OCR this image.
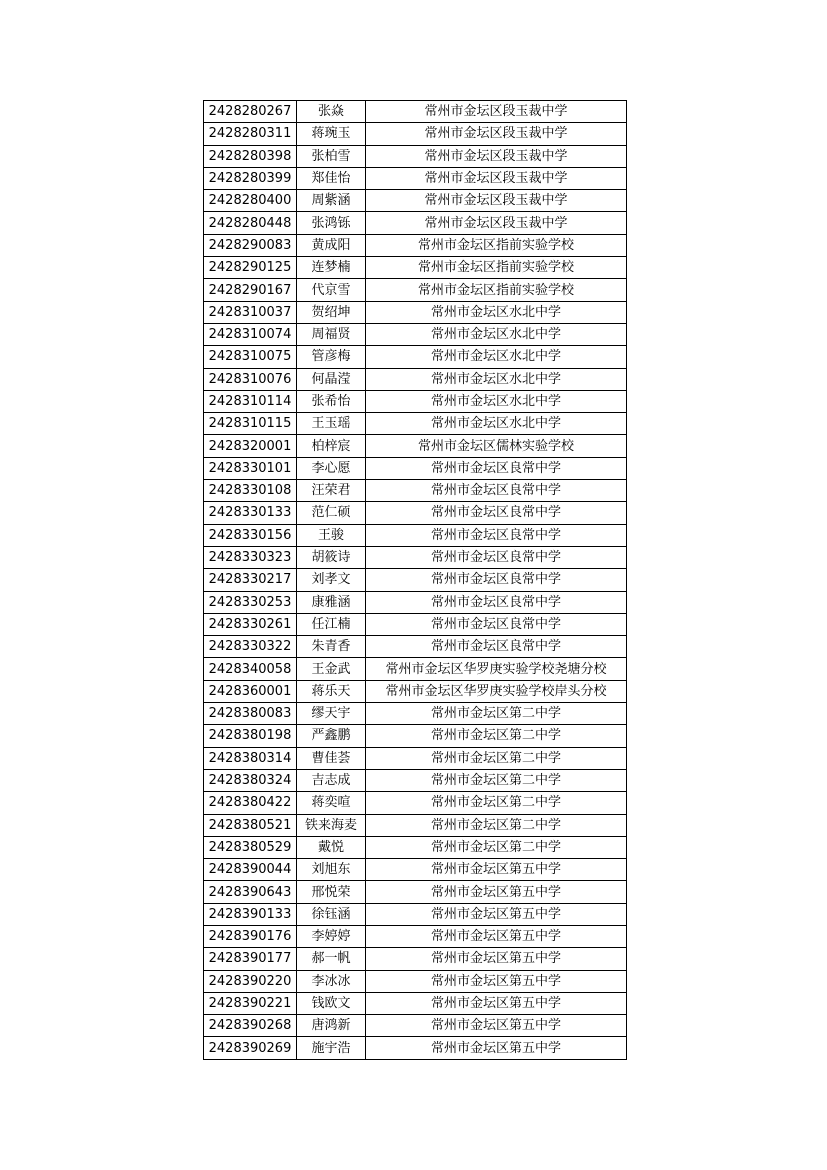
2428280267	张焱	常州市金坛区段玉裁中学
2428280311	蒋琬玉	常州市金坛区段玉裁中学
2428280398	张柏雪	常州市金坛区段玉裁中学
2428280399	郑佳怡	常州市金坛区段玉裁中学
2428280400	周紫涵	常州市金坛区段玉裁中学
2428280448	张鸿铄	常州市金坛区段玉裁中学
2428290083	黄成阳	常州市金坛区指前实验学校
2428290125	连梦楠	常州市金坛区指前实验学校
2428290167	代京雪	常州市金坛区指前实验学校
2428310037	贺绍坤	常州市金坛区水北中学
2428310074	周福贤	常州市金坛区水北中学
2428310075	管彦梅	常州市金坛区水北中学
2428310076	何晶滢	常州市金坛区水北中学
2428310114	张希怡	常州市金坛区水北中学
2428310115	王玉瑶	常州市金坛区水北中学
2428320001	柏梓宸	常州市金坛区儒林实验学校
2428330101	李心愿	常州市金坛区良常中学
2428330108	汪荣君	常州市金坛区良常中学
2428330133	范仁硕	常州市金坛区良常中学
2428330156	王骏	常州市金坛区良常中学
2428330323	胡筱诗	常州市金坛区良常中学
2428330217	刘孝文	常州市金坛区良常中学
2428330253	康雅涵	常州市金坛区良常中学
2428330261	任江楠	常州市金坛区良常中学
2428330322	朱青香	常州市金坛区良常中学
2428340058	王金武	常州市金坛区华罗庚实验学校尧塘分校
2428360001	蒋乐天	常州市金坛区华罗庚实验学校岸头分校
2428380083	缪天宇	常州市金坛区第二中学
2428380198	严鑫鹏	常州市金坛区第二中学
2428380314	曹佳荟	常州市金坛区第二中学
2428380324	吉志成	常州市金坛区第二中学
2428380422	蒋奕喧	常州市金坛区第二中学
2428380521	铁来海麦	常州市金坛区第二中学
2428380529	戴悦	常州市金坛区第二中学
2428390044	刘旭东	常州市金坛区第五中学
2428390643	邢悦荣	常州市金坛区第五中学
2428390133	徐钰涵	常州市金坛区第五中学
2428390176	李婷婷	常州市金坛区第五中学
2428390177	郝一帆	常州市金坛区第五中学
2428390220	李冰冰	常州市金坛区第五中学
2428390221	钱欧文	常州市金坛区第五中学
2428390268	唐鸿新	常州市金坛区第五中学
2428390269	施宇浩	常州市金坛区第五中学
